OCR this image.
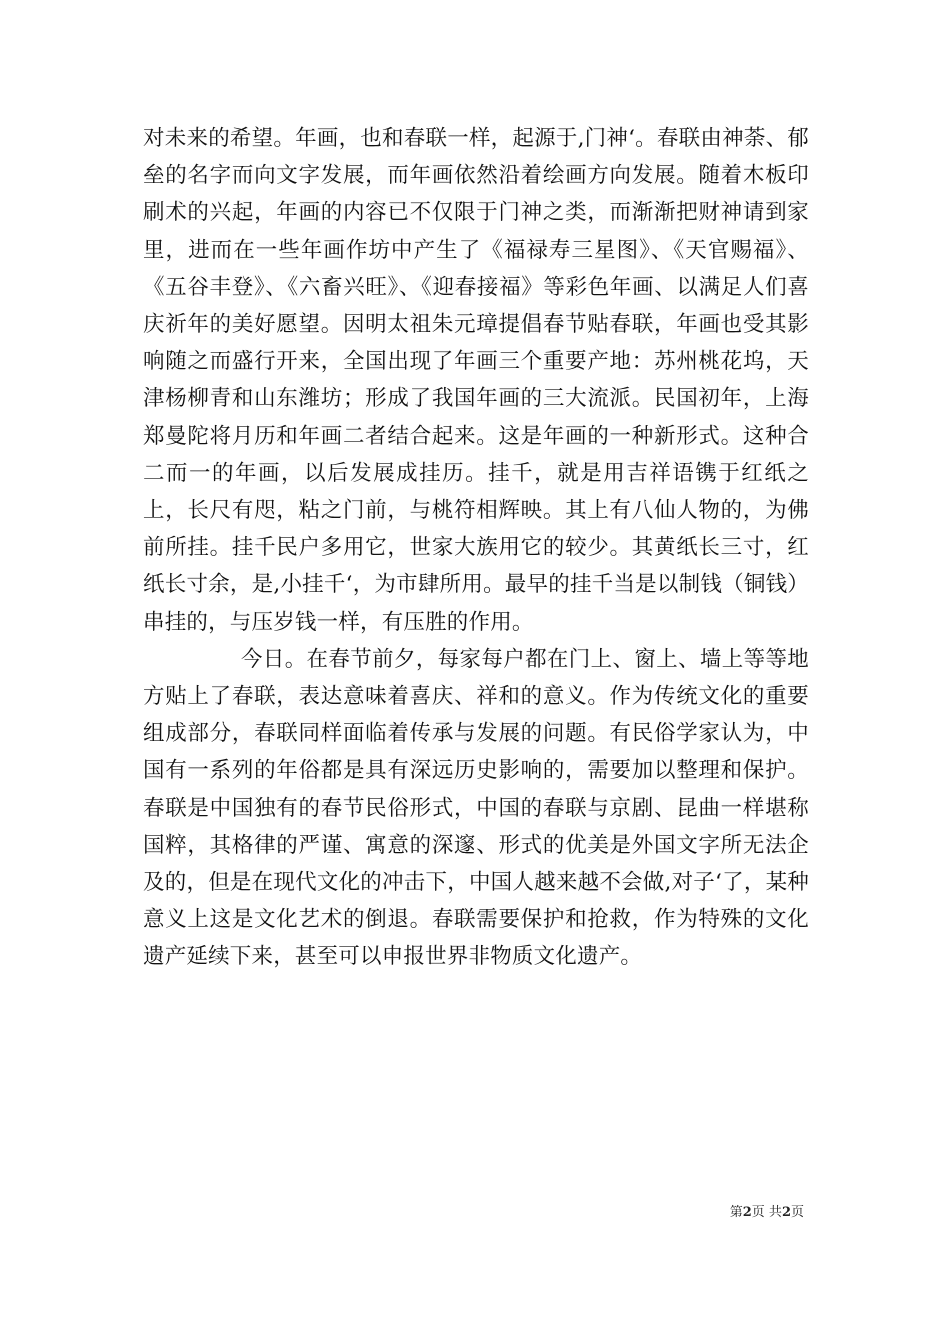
对未来的希望。年画，也和春联一样，起源于,门神‘。春联由神荼、郁垒的名字而向文字发展，而年画依然沿着绘画方向发展。随着木板印刷术的兴起，年画的内容已不仅限于门神之类，而渐渐把财神请到家里，进而在一些年画作坊中产生了《福禄寿三星图》、《天官赐福》、《五谷丰登》、《六畜兴旺》、《迎春接福》等彩色年画、以满足人们喜庆祈年的美好愿望。因明太祖朱元璋提倡春节贴春联，年画也受其影响随之而盛行开来，全国出现了年画三个重要产地：苏州桃花坞，天津杨柳青和山东潍坊；形成了我国年画的三大流派。民国初年，上海郑曼陀将月历和年画二者结合起来。这是年画的一种新形式。这种合二而一的年画，以后发展成挂历。挂千，就是用吉祥语镌于红纸之上，长尺有咫，粘之门前，与桃符相辉映。其上有八仙人物的，为佛前所挂。挂千民户多用它，世家大族用它的较少。其黄纸长三寸，红纸长寸余，是,小挂千‘，为市肆所用。最早的挂千当是以制钱（铜钱）串挂的，与压岁钱一样，有压胜的作用。

今日。在春节前夕，每家每户都在门上、窗上、墙上等等地方贴上了春联，表达意味着喜庆、祥和的意义。作为传统文化的重要组成部分，春联同样面临着传承与发展的问题。有民俗学家认为，中国有一系列的年俗都是具有深远历史影响的，需要加以整理和保护。春联是中国独有的春节民俗形式，中国的春联与京剧、昆曲一样堪称国粹，其格律的严谨、寓意的深邃、形式的优美是外国文字所无法企及的，但是在现代文化的冲击下，中国人越来越不会做,对子‘了，某种意义上这是文化艺术的倒退。春联需要保护和抢救，作为特殊的文化遗产延续下来，甚至可以申报世界非物质文化遗产。

第2页 共2页
